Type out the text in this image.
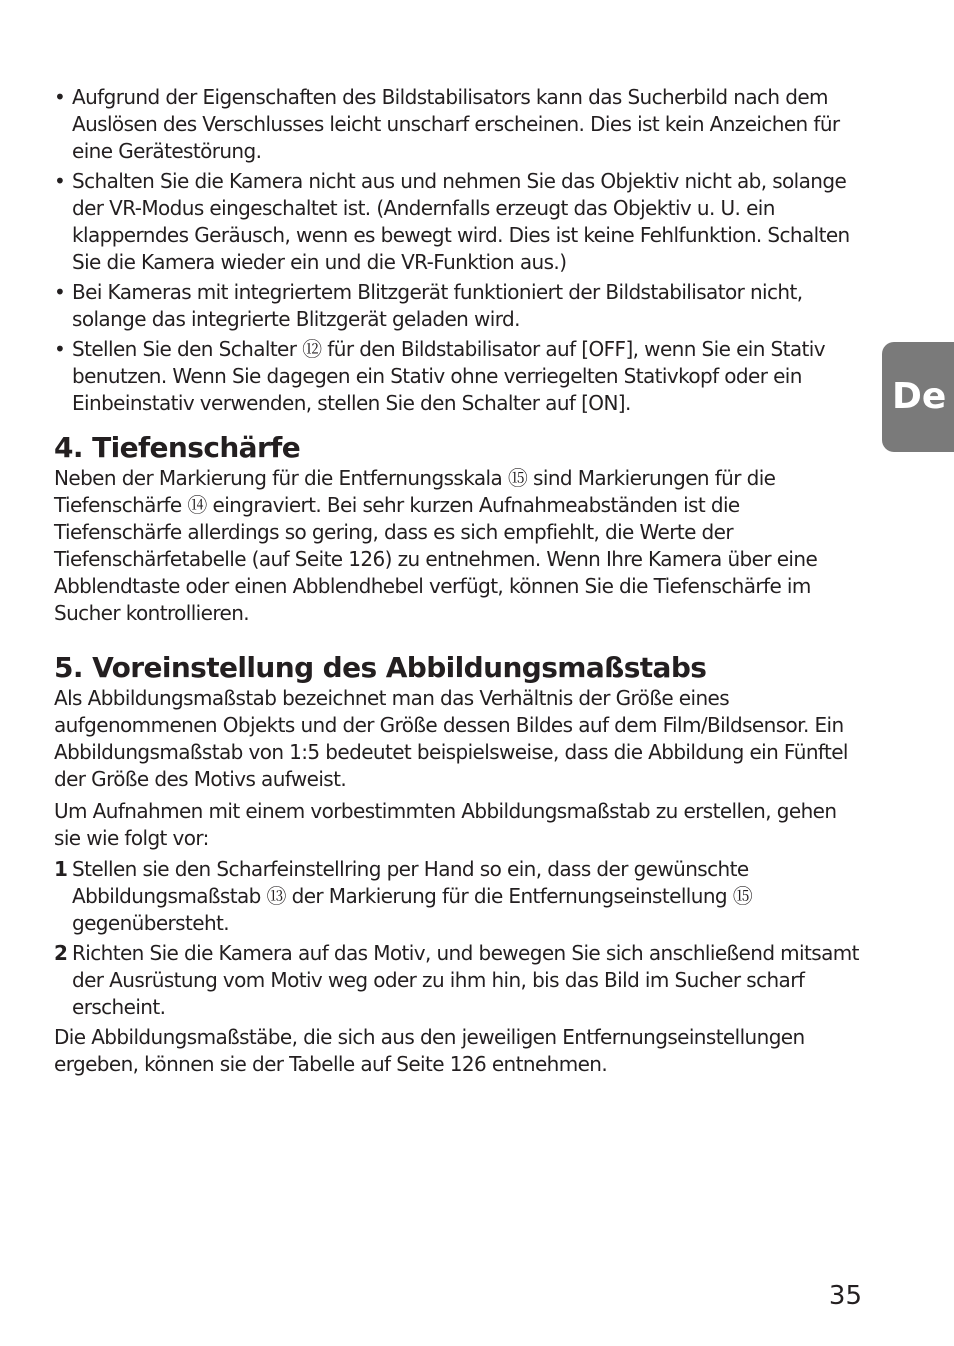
• Aufgrund der Eigenschaften des Bildstabilisators kann das Sucherbild nach dem Auslösen des Verschlusses leicht unscharf erscheinen. Dies ist kein Anzeichen für eine Gerätestörung.
• Schalten Sie die Kamera nicht aus und nehmen Sie das Objektiv nicht ab, solange der VR-Modus eingeschaltet ist. (Andernfalls erzeugt das Objektiv u. U. ein klapperndes Geräusch, wenn es bewegt wird. Dies ist keine Fehlfunktion. Schalten Sie die Kamera wieder ein und die VR-Funktion aus.)
• Bei Kameras mit integriertem Blitzgerät funktioniert der Bildstabilisator nicht, solange das integrierte Blitzgerät geladen wird.
• Stellen Sie den Schalter ⑫ für den Bildstabilisator auf [OFF], wenn Sie ein Stativ benutzen. Wenn Sie dagegen ein Stativ ohne verriegelten Stativkopf oder ein Einbeinstativ verwenden, stellen Sie den Schalter auf [ON].
4. Tiefenschärfe

Neben der Markierung für die Entfernungsskala ⑮ sind Markierungen für die Tiefenschärfe ⑭ eingraviert. Bei sehr kurzen Aufnahmeabständen ist die Tiefenschärfe allerdings so gering, dass es sich empfiehlt, die Werte der Tiefenschärfetabelle (auf Seite 126) zu entnehmen. Wenn Ihre Kamera über eine Abblendtaste oder einen Abblendhebel verfügt, können Sie die Tiefenschärfe im Sucher kontrollieren.

5. Voreinstellung des Abbildungsmaßstabs

Als Abbildungsmaßstab bezeichnet man das Verhältnis der Größe eines aufgenommenen Objekts und der Größe dessen Bildes auf dem Film/Bildsensor. Ein Abbildungsmaßstab von 1:5 bedeutet beispielsweise, dass die Abbildung ein Fünftel der Größe des Motivs aufweist.

Um Aufnahmen mit einem vorbestimmten Abbildungsmaßstab zu erstellen, gehen sie wie folgt vor:

1 Stellen sie den Scharfeinstellring per Hand so ein, dass der gewünschte Abbildungsmaßstab ⑬ der Markierung für die Entfernungseinstellung ⑮ gegenübersteht.
2 Richten Sie die Kamera auf das Motiv, und bewegen Sie sich anschließend mitsamt der Ausrüstung vom Motiv weg oder zu ihm hin, bis das Bild im Sucher scharf erscheint.

Die Abbildungsmaßstäbe, die sich aus den jeweiligen Entfernungseinstellungen ergeben, können sie der Tabelle auf Seite 126 entnehmen.

De
35
